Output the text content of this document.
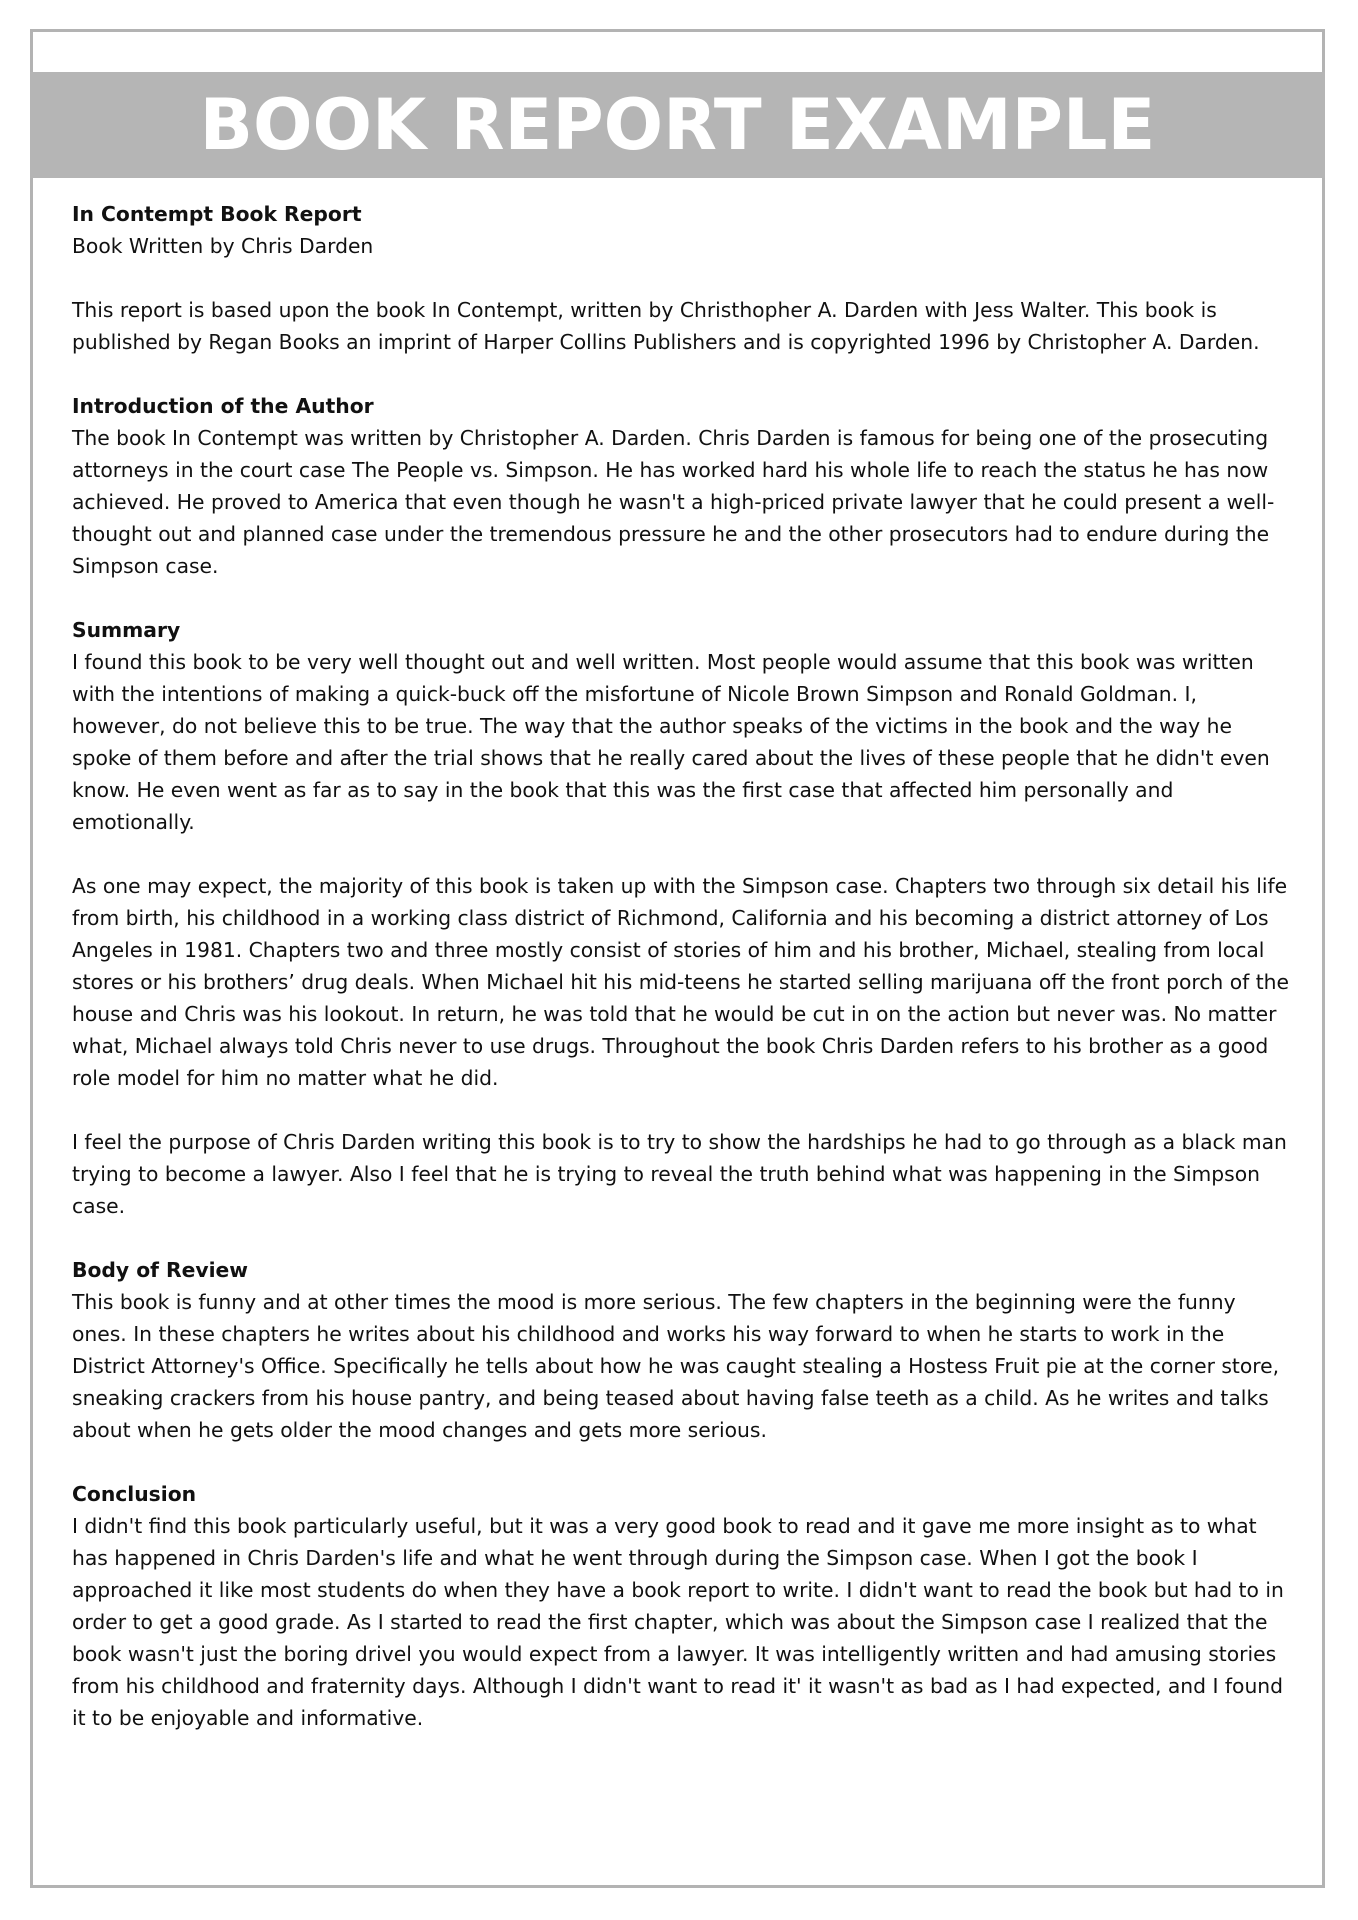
BOOK REPORT EXAMPLE

In Contempt Book Report
Book Written by Chris Darden

This report is based upon the book In Contempt, written by Christhopher A. Darden with Jess Walter. This book is published by Regan Books an imprint of Harper Collins Publishers and is copyrighted 1996 by Christopher A. Darden.

Introduction of the Author
The book In Contempt was written by Christopher A. Darden. Chris Darden is famous for being one of the prosecuting attorneys in the court case The People vs. Simpson. He has worked hard his whole life to reach the status he has now achieved. He proved to America that even though he wasn't a high-priced private lawyer that he could present a well-thought out and planned case under the tremendous pressure he and the other prosecutors had to endure during the Simpson case.

Summary
I found this book to be very well thought out and well written. Most people would assume that this book was written with the intentions of making a quick-buck off the misfortune of Nicole Brown Simpson and Ronald Goldman. I, however, do not believe this to be true. The way that the author speaks of the victims in the book and the way he spoke of them before and after the trial shows that he really cared about the lives of these people that he didn't even know. He even went as far as to say in the book that this was the first case that affected him personally and emotionally.

As one may expect, the majority of this book is taken up with the Simpson case. Chapters two through six detail his life from birth, his childhood in a working class district of Richmond, California and his becoming a district attorney of Los Angeles in 1981. Chapters two and three mostly consist of stories of him and his brother, Michael, stealing from local stores or his brothers’ drug deals. When Michael hit his mid-teens he started selling marijuana off the front porch of the house and Chris was his lookout. In return, he was told that he would be cut in on the action but never was. No matter what, Michael always told Chris never to use drugs. Throughout the book Chris Darden refers to his brother as a good role model for him no matter what he did.

I feel the purpose of Chris Darden writing this book is to try to show the hardships he had to go through as a black man trying to become a lawyer. Also I feel that he is trying to reveal the truth behind what was happening in the Simpson case.

Body of Review
This book is funny and at other times the mood is more serious. The few chapters in the beginning were the funny ones. In these chapters he writes about his childhood and works his way forward to when he starts to work in the District Attorney's Office. Specifically he tells about how he was caught stealing a Hostess Fruit pie at the corner store, sneaking crackers from his house pantry, and being teased about having false teeth as a child. As he writes and talks about when he gets older the mood changes and gets more serious.

Conclusion
I didn't find this book particularly useful, but it was a very good book to read and it gave me more insight as to what has happened in Chris Darden's life and what he went through during the Simpson case. When I got the book I approached it like most students do when they have a book report to write. I didn't want to read the book but had to in order to get a good grade. As I started to read the first chapter, which was about the Simpson case I realized that the book wasn't just the boring drivel you would expect from a lawyer. It was intelligently written and had amusing stories from his childhood and fraternity days. Although I didn't want to read it' it wasn't as bad as I had expected, and I found it to be enjoyable and informative.
